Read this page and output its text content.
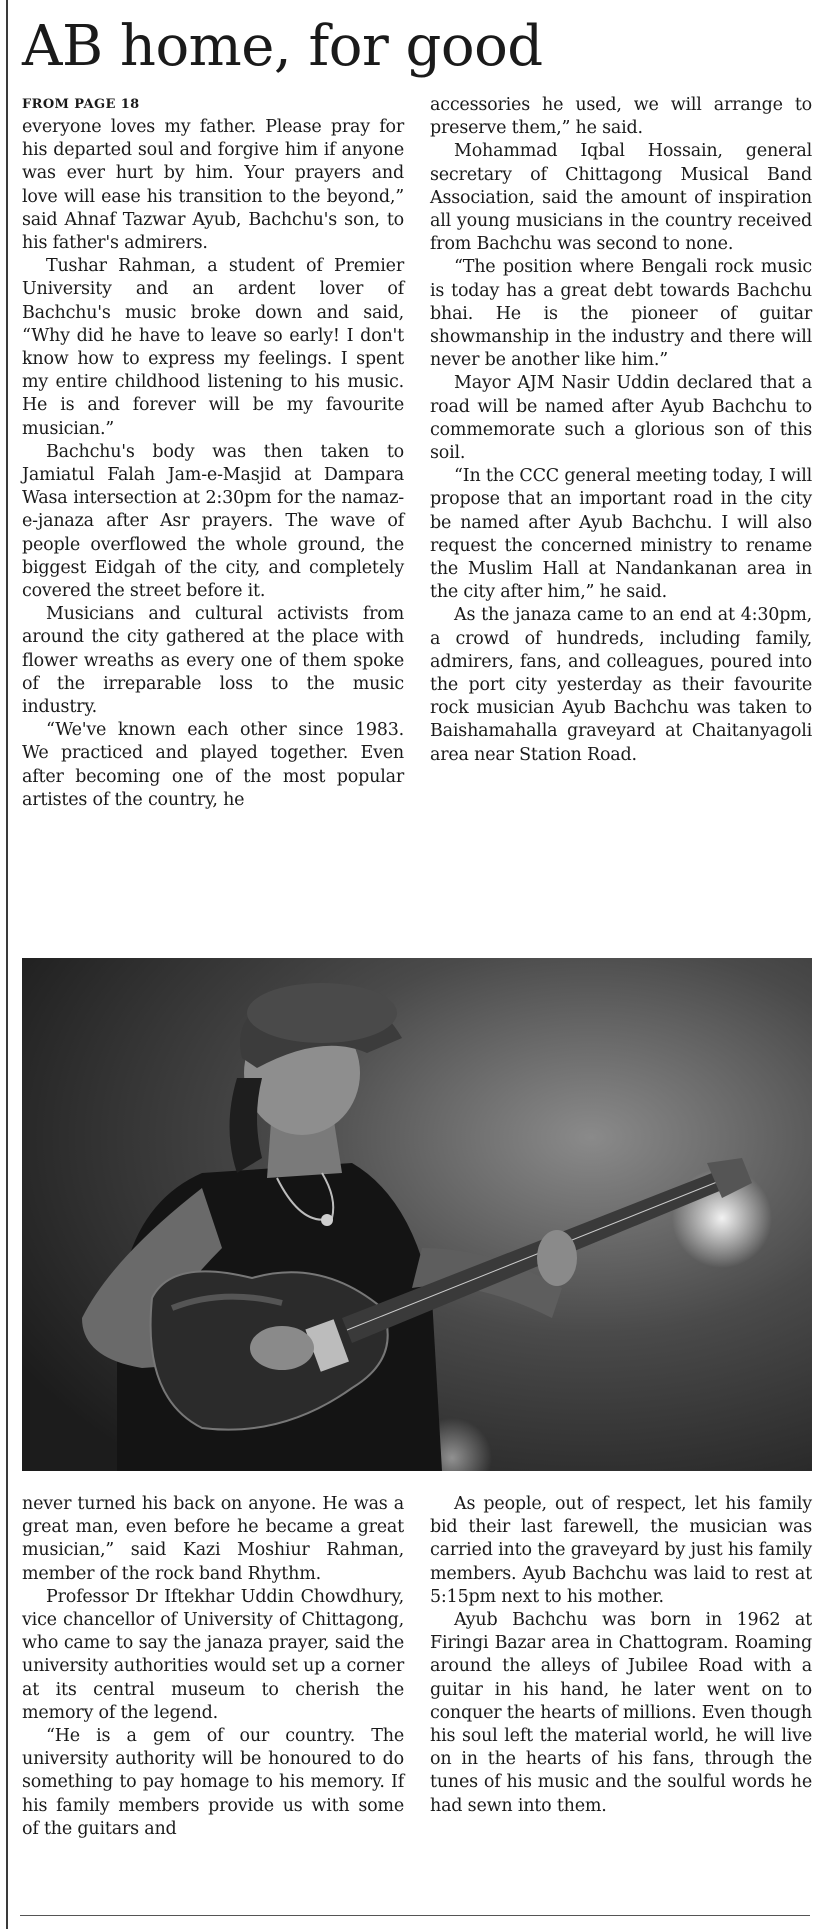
AB home, for good
FROM PAGE 18

everyone loves my father. Please pray for his departed soul and forgive him if anyone was ever hurt by him. Your prayers and love will ease his transition to the beyond,” said Ahnaf Tazwar Ayub, Bachchu's son, to his father's admirers.

Tushar Rahman, a student of Premier University and an ardent lover of Bachchu's music broke down and said, “Why did he have to leave so early! I don't know how to express my feelings. I spent my entire childhood listening to his music. He is and forever will be my favourite musician.”

Bachchu's body was then taken to Jamiatul Falah Jam-e-Masjid at Dampara Wasa intersection at 2:30pm for the namaz-e-janaza after Asr prayers. The wave of people overflowed the whole ground, the biggest Eidgah of the city, and completely covered the street before it.

Musicians and cultural activists from around the city gathered at the place with flower wreaths as every one of them spoke of the irreparable loss to the music industry.

“We've known each other since 1983. We practiced and played together. Even after becoming one of the most popular artistes of the country, he

accessories he used, we will arrange to preserve them,” he said.

Mohammad Iqbal Hossain, general secretary of Chittagong Musical Band Association, said the amount of inspiration all young musicians in the country received from Bachchu was second to none.

“The position where Bengali rock music is today has a great debt towards Bachchu bhai. He is the pioneer of guitar showmanship in the industry and there will never be another like him.”

Mayor AJM Nasir Uddin declared that a road will be named after Ayub Bachchu to commemorate such a glorious son of this soil.

“In the CCC general meeting today, I will propose that an important road in the city be named after Ayub Bachchu. I will also request the concerned ministry to rename the Muslim Hall at Nandankanan area in the city after him,” he said.

As the janaza came to an end at 4:30pm, a crowd of hundreds, including family, admirers, fans, and colleagues, poured into the port city yesterday as their favourite rock musician Ayub Bachchu was taken to Baishamahalla graveyard at Chaitanyagoli area near Station Road.

never turned his back on anyone. He was a great man, even before he became a great musician,” said Kazi Moshiur Rahman, member of the rock band Rhythm.

Professor Dr Iftekhar Uddin Chowdhury, vice chancellor of University of Chittagong, who came to say the janaza prayer, said the university authorities would set up a corner at its central museum to cherish the memory of the legend.

“He is a gem of our country. The university authority will be honoured to do something to pay homage to his memory. If his family members provide us with some of the guitars and

As people, out of respect, let his family bid their last farewell, the musician was carried into the graveyard by just his family members. Ayub Bachchu was laid to rest at 5:15pm next to his mother.

Ayub Bachchu was born in 1962 at Firingi Bazar area in Chattogram. Roaming around the alleys of Jubilee Road with a guitar in his hand, he later went on to conquer the hearts of millions. Even though his soul left the material world, he will live on in the hearts of his fans, through the tunes of his music and the soulful words he had sewn into them.
